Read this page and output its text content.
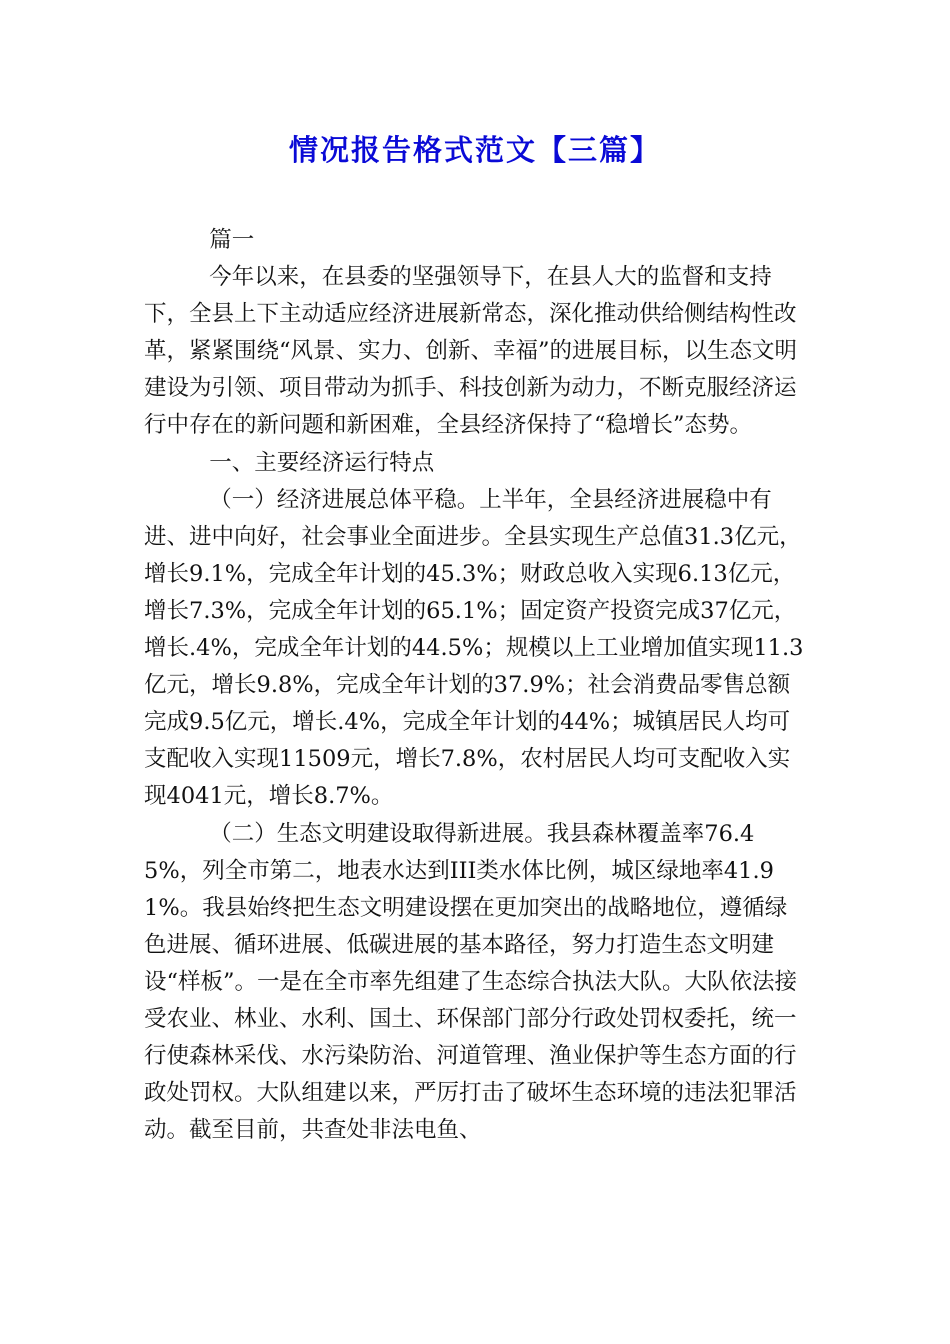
情况报告格式范文【三篇】

篇一

今年以来，在县委的坚强领导下，在县人大的监督和支持下，全县上下主动适应经济进展新常态，深化推动供给侧结构性改革，紧紧围绕“风景、实力、创新、幸福”的进展目标，以生态文明建设为引领、项目带动为抓手、科技创新为动力，不断克服经济运行中存在的新问题和新困难，全县经济保持了“稳增长”态势。

一、主要经济运行特点

（一）经济进展总体平稳。上半年，全县经济进展稳中有进、进中向好，社会事业全面进步。全县实现生产总值31.3亿元，增长9.1%，完成全年计划的45.3%；财政总收入实现6.13亿元，增长7.3%，完成全年计划的65.1%；固定资产投资完成37亿元，增长.4%，完成全年计划的44.5%；规模以上工业增加值实现11.3亿元，增长9.8%，完成全年计划的37.9%；社会消费品零售总额完成9.5亿元，增长.4%，完成全年计划的44%；城镇居民人均可支配收入实现11509元，增长7.8%，农村居民人均可支配收入实现4041元，增长8.7%。

（二）生态文明建设取得新进展。我县森林覆盖率76.45%，列全市第二，地表水达到III类水体比例，城区绿地率41.91%。我县始终把生态文明建设摆在更加突出的战略地位，遵循绿色进展、循环进展、低碳进展的基本路径，努力打造生态文明建设“样板”。一是在全市率先组建了生态综合执法大队。大队依法接受农业、林业、水利、国土、环保部门部分行政处罚权委托，统一行使森林采伐、水污染防治、河道管理、渔业保护等生态方面的行政处罚权。大队组建以来，严厉打击了破坏生态环境的违法犯罪活动。截至目前，共查处非法电鱼、
